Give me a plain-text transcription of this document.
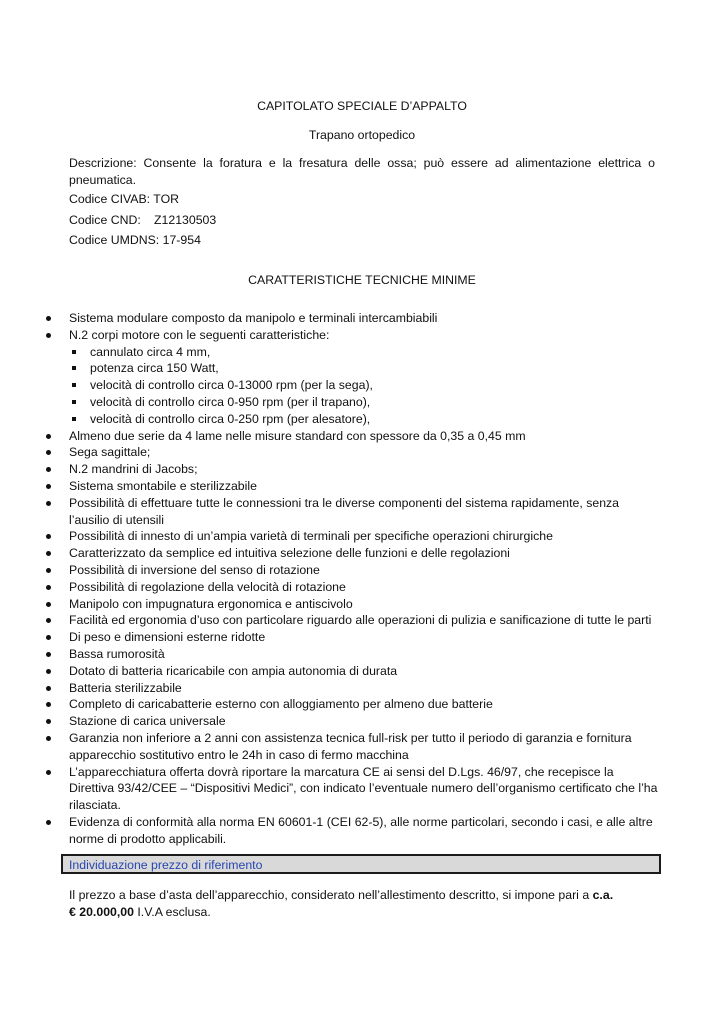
CAPITOLATO SPECIALE D’APPALTO
Trapano ortopedico
Descrizione: Consente la foratura e la fresatura delle ossa; può essere ad alimentazione elettrica o pneumatica.
Codice CIVAB: TOR
Codice CND: Z12130503
Codice UMDNS: 17-954
CARATTERISTICHE TECNICHE MINIME
Sistema modulare composto da manipolo e terminali intercambiabili
N.2 corpi motore con le seguenti caratteristiche:
cannulato circa 4 mm,
potenza circa 150 Watt,
velocità di controllo circa 0-13000 rpm (per la sega),
velocità di controllo circa 0-950 rpm (per il trapano),
velocità di controllo circa 0-250 rpm (per alesatore),
Almeno due serie da 4 lame nelle misure standard con spessore da 0,35 a 0,45 mm
Sega sagittale;
N.2 mandrini di Jacobs;
Sistema smontabile e sterilizzabile
Possibilità di effettuare tutte le connessioni tra le diverse componenti del sistema rapidamente, senza l’ausilio di utensili
Possibilità di innesto di un’ampia varietà di terminali per specifiche operazioni chirurgiche
Caratterizzato da semplice ed intuitiva selezione delle funzioni e delle regolazioni
Possibilità di inversione del senso di rotazione
Possibilità di regolazione della velocità di rotazione
Manipolo con impugnatura ergonomica e antiscivolo
Facilità ed ergonomia d’uso con particolare riguardo alle operazioni di pulizia e sanificazione di tutte le parti
Di peso e dimensioni esterne ridotte
Bassa rumorosità
Dotato di batteria ricaricabile con ampia autonomia di durata
Batteria sterilizzabile
Completo di caricabatterie esterno con alloggiamento per almeno due batterie
Stazione di carica universale
Garanzia non inferiore a 2 anni con assistenza tecnica full-risk per tutto il periodo di garanzia e fornitura apparecchio sostitutivo entro le 24h in caso di fermo macchina
L’apparecchiatura offerta dovrà riportare la marcatura CE ai sensi del D.Lgs. 46/97, che recepisce la Direttiva 93/42/CEE – “Dispositivi Medici”, con indicato l’eventuale numero dell’organismo certificato che l’ha rilasciata.
Evidenza di conformità alla norma EN 60601-1 (CEI 62-5), alle norme particolari, secondo i casi, e alle altre norme di prodotto applicabili.
Individuazione prezzo di riferimento
Il prezzo a base d’asta dell’apparecchio, considerato nell’allestimento descritto, si impone pari a c.a.
€ 20.000,00 I.V.A esclusa.
